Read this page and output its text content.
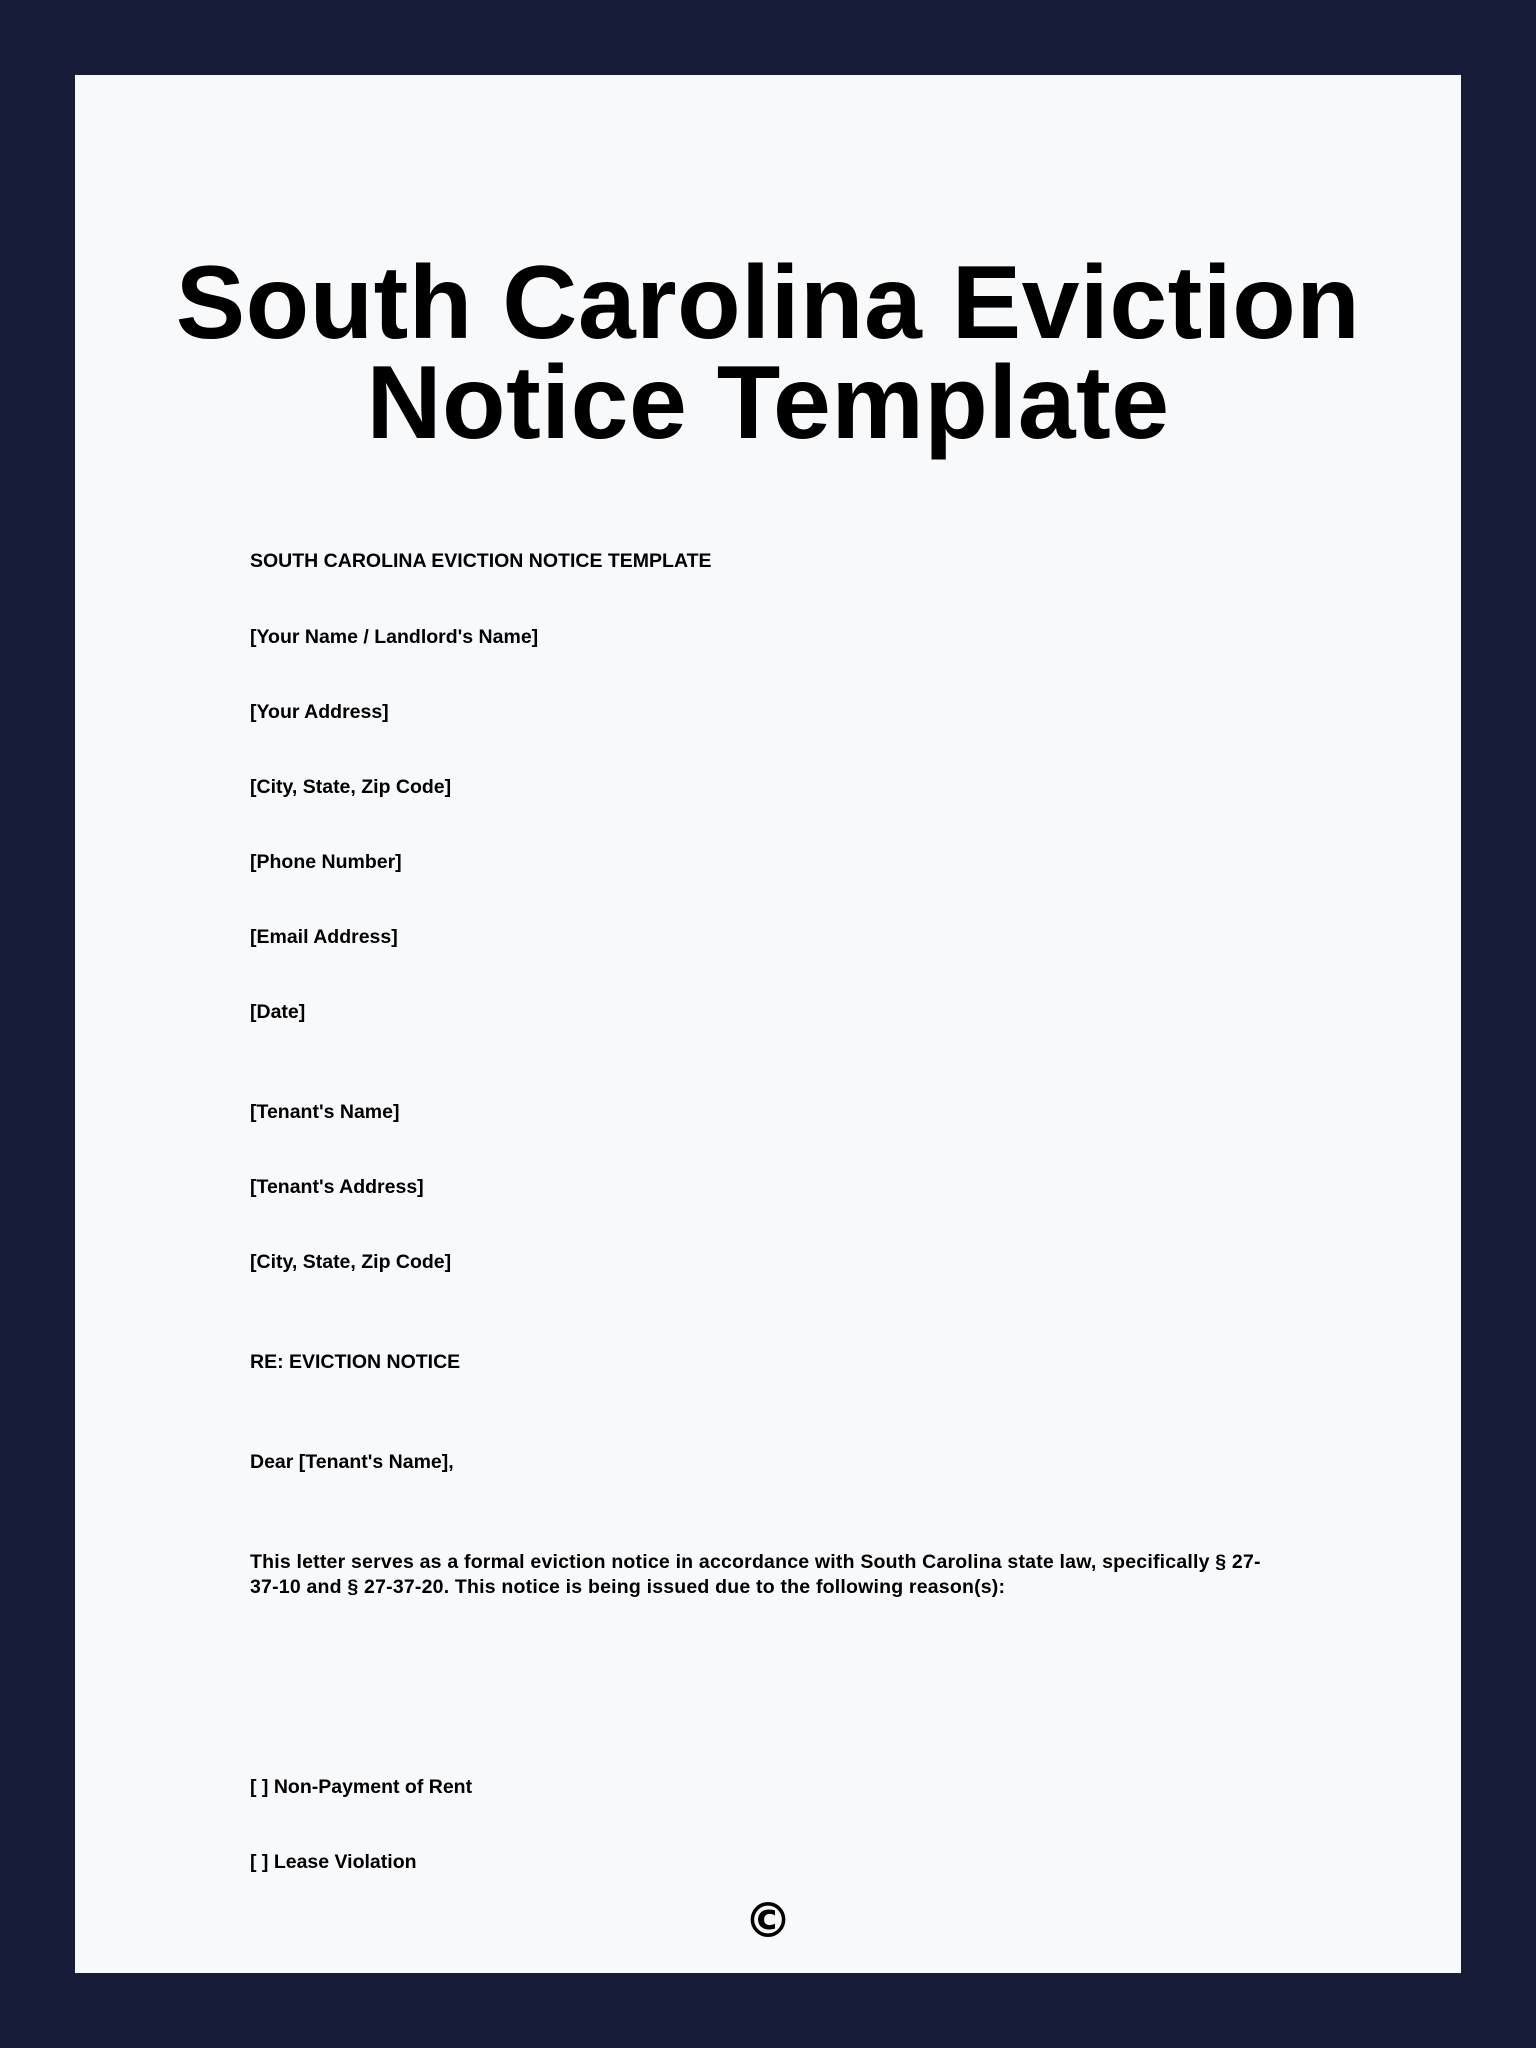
South Carolina Eviction
Notice Template

SOUTH CAROLINA EVICTION NOTICE TEMPLATE

[Your Name / Landlord's Name]

[Your Address]

[City, State, Zip Code]

[Phone Number]

[Email Address]

[Date]

[Tenant's Name]

[Tenant's Address]

[City, State, Zip Code]

RE: EVICTION NOTICE

Dear [Tenant's Name],

This letter serves as a formal eviction notice in accordance with South Carolina state law, specifically § 27-37-10 and § 27-37-20. This notice is being issued due to the following reason(s):

[ ] Non-Payment of Rent

[ ] Lease Violation

©
